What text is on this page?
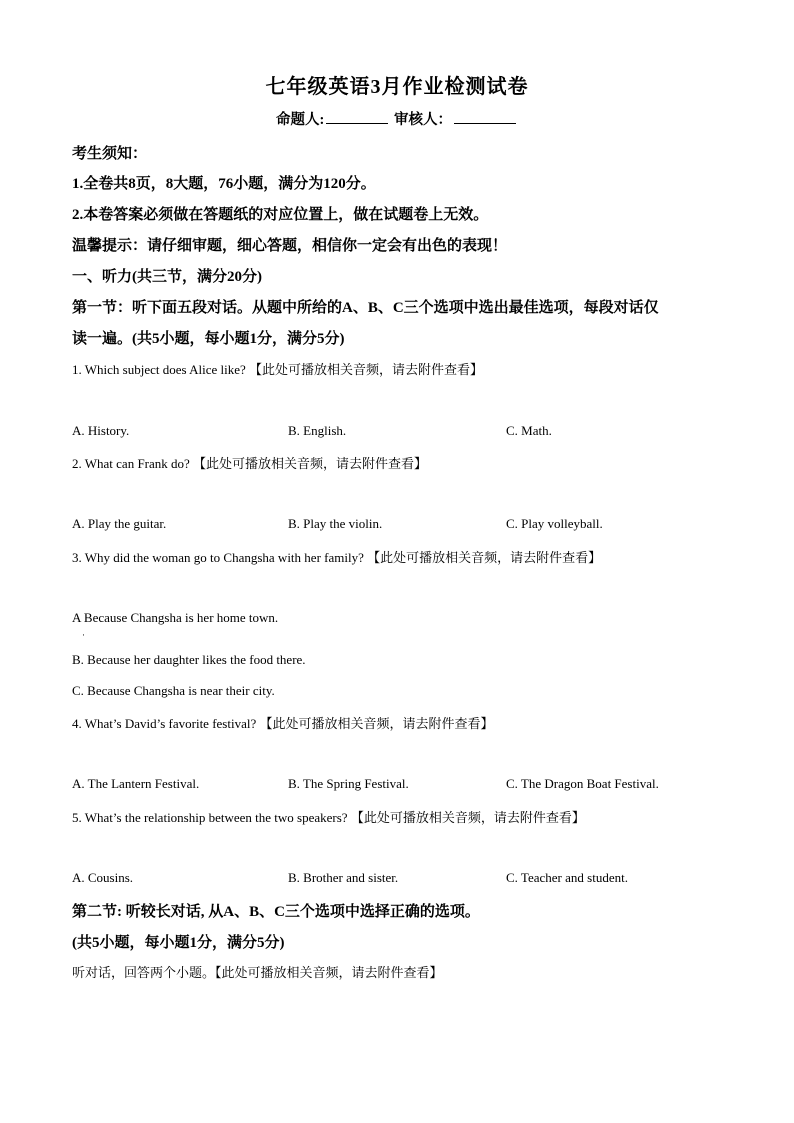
七年级英语3月作业检测试卷
命题人:	审核人：
考生须知：
1.全卷共8页，8大题，76小题，满分为120分。
2.本卷答案必须做在答题纸的对应位置上，做在试题卷上无效。
温馨提示：请仔细审题，细心答题，相信你一定会有出色的表现！
一、听力(共三节，满分20分)
第一节：听下面五段对话。从题中所给的A、B、C三个选项中选出最佳选项，每段对话仅
读一遍。(共5小题，每小题1分，满分5分)
1. Which subject does Alice like? 【此处可播放相关音频，请去附件查看】
A. History.	B. English.	C. Math.
2. What can Frank do? 【此处可播放相关音频，请去附件查看】
A. Play the guitar.	B. Play the violin.	C. Play volleyball.
3. Why did the woman go to Changsha with her family? 【此处可播放相关音频，请去附件查看】
A Because Changsha is her home town.
·
B. Because her daughter likes the food there.
C. Because Changsha is near their city.
4. What’s David’s favorite festival? 【此处可播放相关音频，请去附件查看】
A. The Lantern Festival.	B. The Spring Festival.	C. The Dragon Boat Festival.
5. What’s the relationship between the two speakers? 【此处可播放相关音频，请去附件查看】
A. Cousins.	B. Brother and sister.	C. Teacher and student.
第二节: 听较长对话, 从A、B、C三个选项中选择正确的选项。
(共5小题，每小题1分，满分5分)
听对话，回答两个小题。【此处可播放相关音频，请去附件查看】
